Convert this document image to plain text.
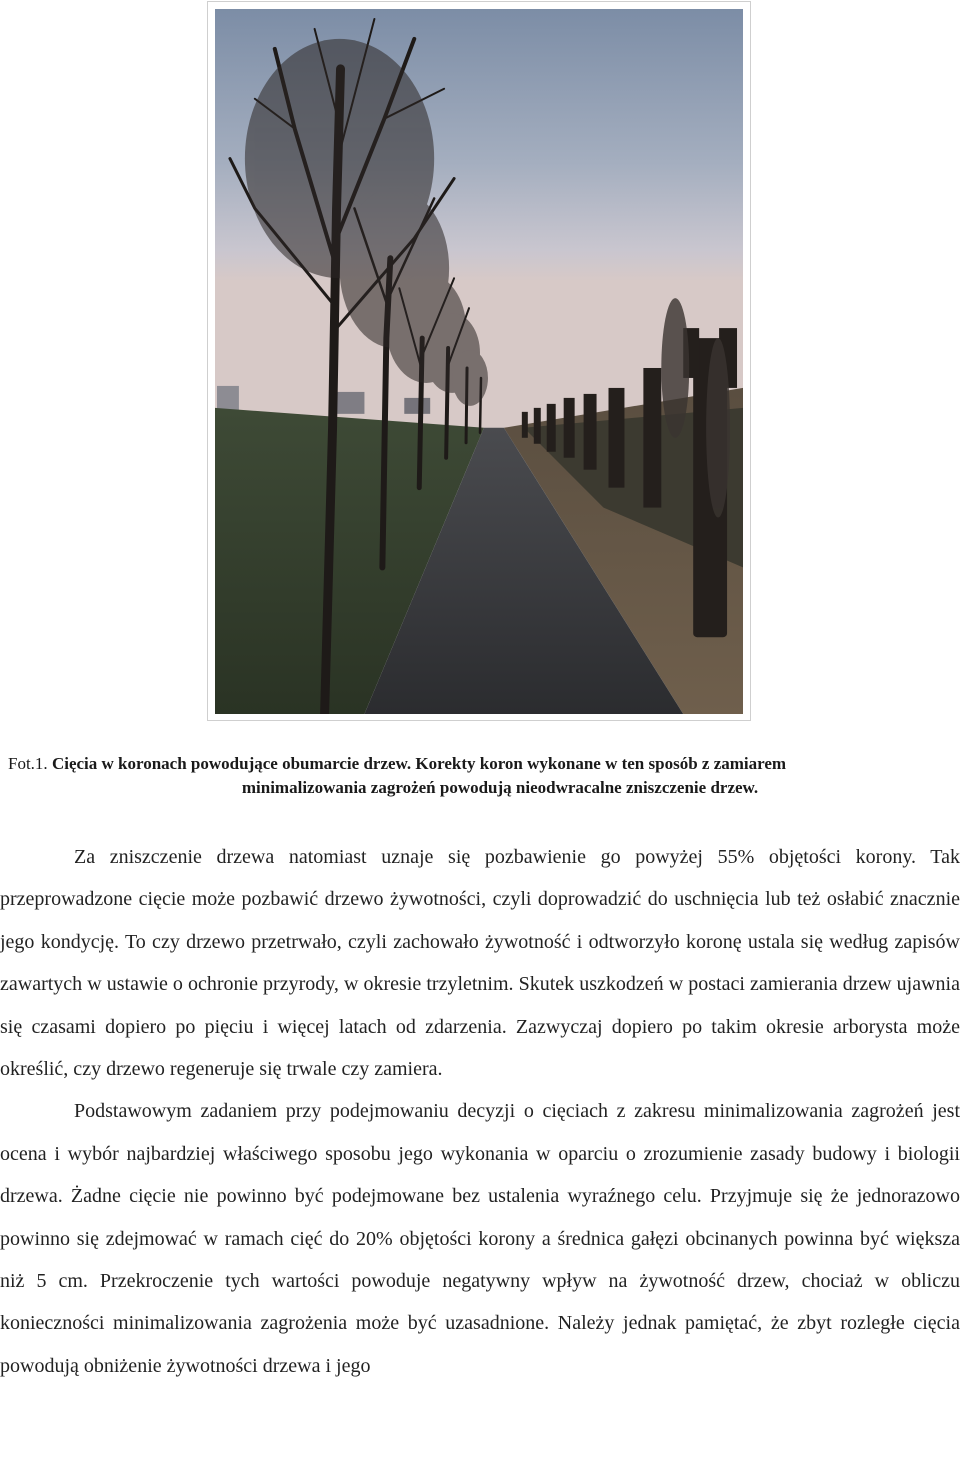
Fot.1. Cięcia w koronach powodujące obumarcie drzew. Korekty koron wykonane w ten sposób z zamiarem
minimalizowania zagrożeń powodują nieodwracalne zniszczenie drzew.

Za zniszczenie drzewa natomiast uznaje się pozbawienie go powyżej 55% objętości korony. Tak przeprowadzone cięcie może pozbawić drzewo żywotności, czyli doprowadzić do uschnięcia lub też osłabić znacznie jego kondycję. To czy drzewo przetrwało, czyli zachowało żywotność i odtworzyło koronę ustala się według zapisów zawartych w ustawie o ochronie przyrody, w okresie trzyletnim. Skutek uszkodzeń w postaci zamierania drzew ujawnia się czasami dopiero po pięciu i więcej latach od zdarzenia. Zazwyczaj dopiero po takim okresie arborysta może określić, czy drzewo regeneruje się trwale czy zamiera.

Podstawowym zadaniem przy podejmowaniu decyzji o cięciach z zakresu minimalizowania zagrożeń jest ocena i wybór najbardziej właściwego sposobu jego wykonania w oparciu o zrozumienie zasady budowy i biologii drzewa. Żadne cięcie nie powinno być podejmowane bez ustalenia wyraźnego celu. Przyjmuje się że jednorazowo powinno się zdejmować w ramach cięć do 20% objętości korony a średnica gałęzi obcinanych powinna być większa niż 5 cm. Przekroczenie tych wartości powoduje negatywny wpływ na żywotność drzew, chociaż w obliczu konieczności minimalizowania zagrożenia może być uzasadnione. Należy jednak pamiętać, że zbyt rozległe cięcia powodują obniżenie żywotności drzewa i jego
